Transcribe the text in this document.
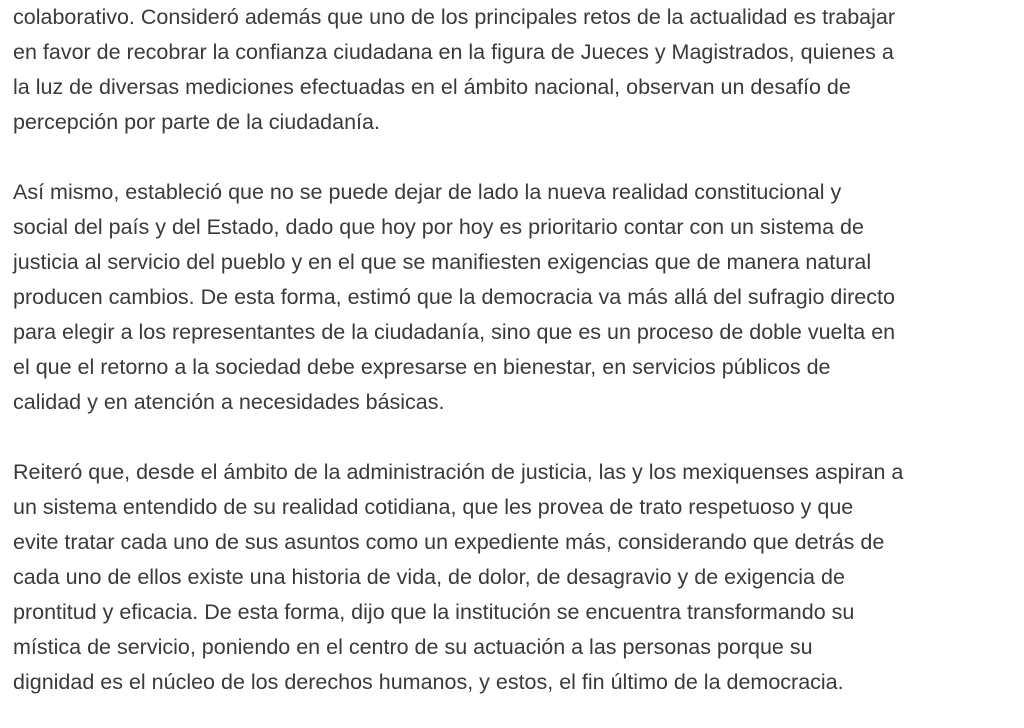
colaborativo. Consideró además que uno de los principales retos de la actualidad es trabajar
en favor de recobrar la confianza ciudadana en la figura de Jueces y Magistrados, quienes a
la luz de diversas mediciones efectuadas en el ámbito nacional, observan un desafío de
percepción por parte de la ciudadanía.

Así mismo, estableció que no se puede dejar de lado la nueva realidad constitucional y
social del país y del Estado, dado que hoy por hoy es prioritario contar con un sistema de
justicia al servicio del pueblo y en el que se manifiesten exigencias que de manera natural
producen cambios. De esta forma, estimó que la democracia va más allá del sufragio directo
para elegir a los representantes de la ciudadanía, sino que es un proceso de doble vuelta en
el que el retorno a la sociedad debe expresarse en bienestar, en servicios públicos de
calidad y en atención a necesidades básicas.

Reiteró que, desde el ámbito de la administración de justicia, las y los mexiquenses aspiran a
un sistema entendido de su realidad cotidiana, que les provea de trato respetuoso y que
evite tratar cada uno de sus asuntos como un expediente más, considerando que detrás de
cada uno de ellos existe una historia de vida, de dolor, de desagravio y de exigencia de
prontitud y eficacia. De esta forma, dijo que la institución se encuentra transformando su
mística de servicio, poniendo en el centro de su actuación a las personas porque su
dignidad es el núcleo de los derechos humanos, y estos, el fin último de la democracia.
